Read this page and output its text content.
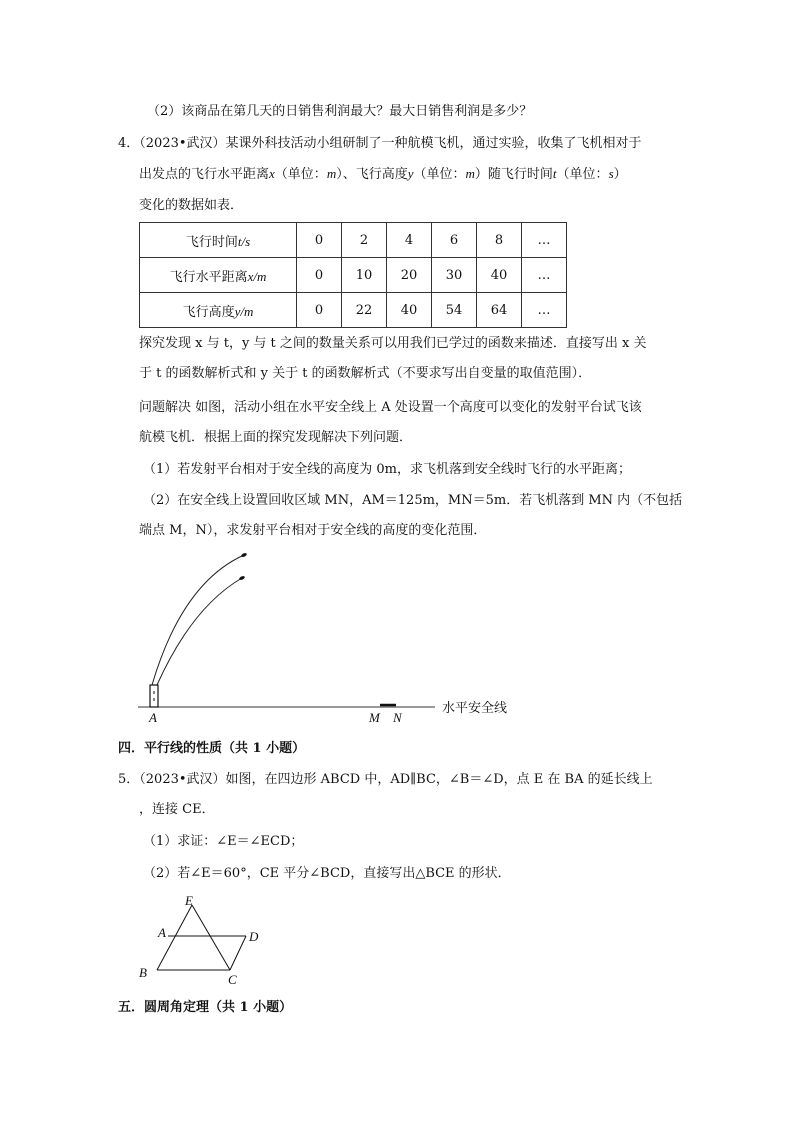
（2）该商品在第几天的日销售利润最大？最大日销售利润是多少？
4．（2023•武汉）某课外科技活动小组研制了一种航模飞机，通过实验，收集了飞机相对于
出发点的飞行水平距离x（单位：m）、飞行高度y（单位：m）随飞行时间t（单位：s）
变化的数据如表．
飞行时间t/s	0	2	4	6	8	…
飞行水平距离x/m	0	10	20	30	40	…
飞行高度y/m	0	22	40	54	64	…
探究发现 x 与 t，y 与 t 之间的数量关系可以用我们已学过的函数来描述．直接写出 x 关
于 t 的函数解析式和 y 关于 t 的函数解析式（不要求写出自变量的取值范围）．
问题解决 如图，活动小组在水平安全线上 A 处设置一个高度可以变化的发射平台试飞该
航模飞机．根据上面的探究发现解决下列问题．
（1）若发射平台相对于安全线的高度为 0m，求飞机落到安全线时飞行的水平距离；
（2）在安全线上设置回收区域 MN，AM＝125m，MN＝5m．若飞机落到 MN 内（不包括
端点 M，N），求发射平台相对于安全线的高度的变化范围．
A	M N
水平安全线
四．平行线的性质（共 1 小题）
5．（2023•武汉）如图，在四边形 ABCD 中，AD∥BC，∠B＝∠D，点 E 在 BA 的延长线上
，连接 CE．
（1）求证：∠E＝∠ECD；
（2）若∠E＝60°，CE 平分∠BCD，直接写出△BCE 的形状．
E
A	D
B	C
五．圆周角定理（共 1 小题）
